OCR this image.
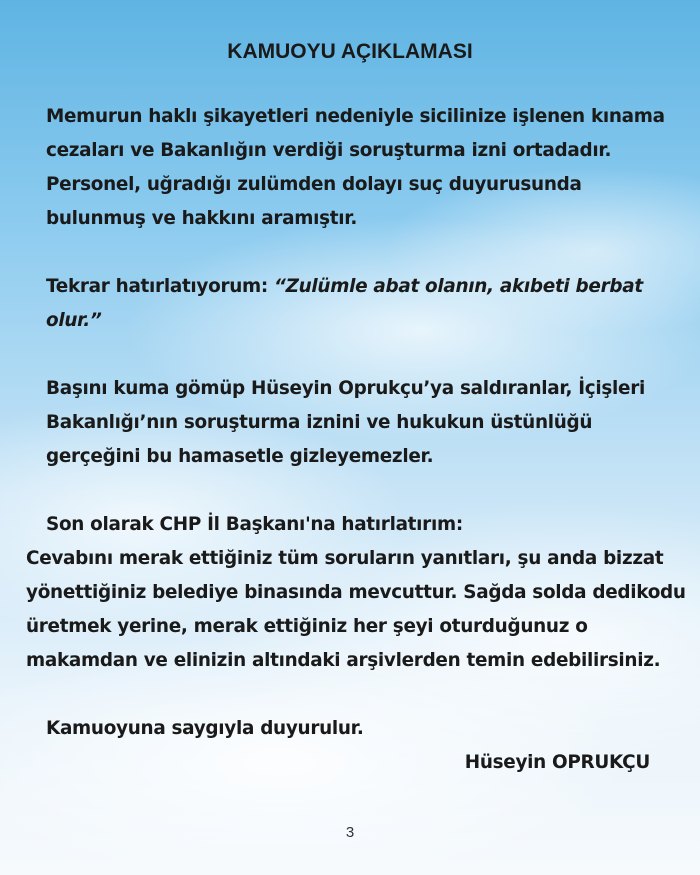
KAMUOYU AÇIKLAMASI

Memurun haklı şikayetleri nedeniyle sicilinize işlenen kınama cezaları ve Bakanlığın verdiği soruşturma izni ortadadır. Personel, uğradığı zulümden dolayı suç duyurusunda bulunmuş ve hakkını aramıştır.

Tekrar hatırlatıyorum: “Zulümle abat olanın, akıbeti berbat olur.”

Başını kuma gömüp Hüseyin Oprukçu’ya saldıranlar, İçişleri Bakanlığı’nın soruşturma iznini ve hukukun üstünlüğü gerçeğini bu hamasetle gizleyemezler.

Son olarak CHP İl Başkanı'na hatırlatırım:

Cevabını merak ettiğiniz tüm soruların yanıtları, şu anda bizzat yönettiğiniz belediye binasında mevcuttur. Sağda solda dedikodu üretmek yerine, merak ettiğiniz her şeyi oturduğunuz o makamdan ve elinizin altındaki arşivlerden temin edebilirsiniz.

Kamuoyuna saygıyla duyurulur.

Hüseyin OPRUKÇU

3
